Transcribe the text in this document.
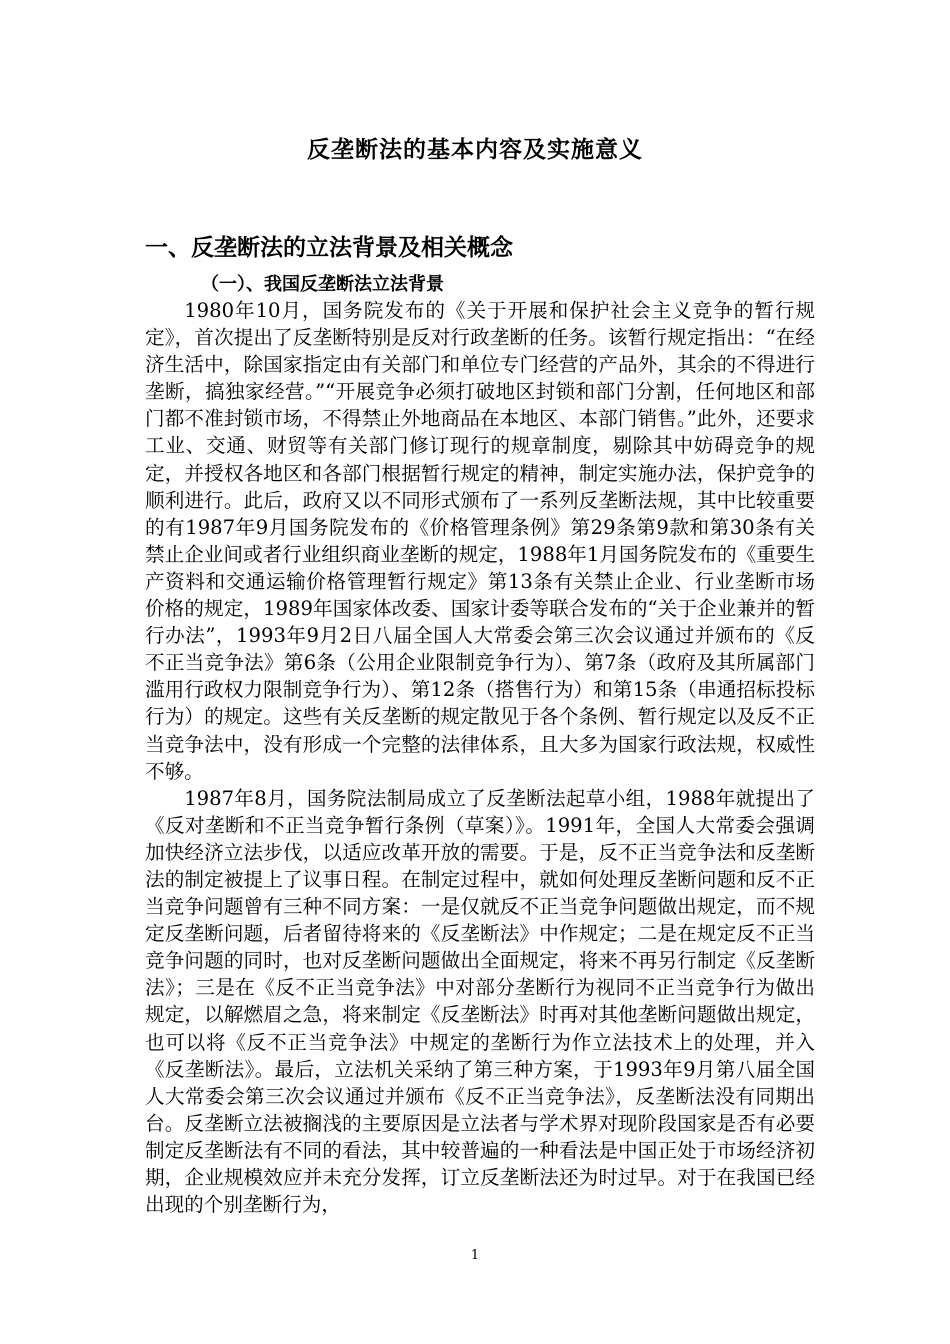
反垄断法的基本内容及实施意义
一、反垄断法的立法背景及相关概念
（一）、我国反垄断法立法背景

1980年10月，国务院发布的《关于开展和保护社会主义竞争的暂行规定》，首次提出了反垄断特别是反对行政垄断的任务。该暂行规定指出：“在经济生活中，除国家指定由有关部门和单位专门经营的产品外，其余的不得进行垄断，搞独家经营。”“开展竞争必须打破地区封锁和部门分割，任何地区和部门都不准封锁市场，不得禁止外地商品在本地区、本部门销售。”此外，还要求工业、交通、财贸等有关部门修订现行的规章制度，剔除其中妨碍竞争的规定，并授权各地区和各部门根据暂行规定的精神，制定实施办法，保护竞争的顺利进行。此后，政府又以不同形式颁布了一系列反垄断法规，其中比较重要的有1987年9月国务院发布的《价格管理条例》第29条第9款和第30条有关禁止企业间或者行业组织商业垄断的规定，1988年1月国务院发布的《重要生产资料和交通运输价格管理暂行规定》第13条有关禁止企业、行业垄断市场价格的规定，1989年国家体改委、国家计委等联合发布的“关于企业兼并的暂行办法”，1993年9月2日八届全国人大常委会第三次会议通过并颁布的《反不正当竞争法》第6条（公用企业限制竞争行为）、第7条（政府及其所属部门滥用行政权力限制竞争行为）、第12条（搭售行为）和第15条（串通招标投标行为）的规定。这些有关反垄断的规定散见于各个条例、暂行规定以及反不正当竞争法中，没有形成一个完整的法律体系，且大多为国家行政法规，权威性不够。

1987年8月，国务院法制局成立了反垄断法起草小组，1988年就提出了《反对垄断和不正当竞争暂行条例（草案）》。1991年，全国人大常委会强调加快经济立法步伐，以适应改革开放的需要。于是，反不正当竞争法和反垄断法的制定被提上了议事日程。在制定过程中，就如何处理反垄断问题和反不正当竞争问题曾有三种不同方案：一是仅就反不正当竞争问题做出规定，而不规定反垄断问题，后者留待将来的《反垄断法》中作规定；二是在规定反不正当竞争问题的同时，也对反垄断问题做出全面规定，将来不再另行制定《反垄断法》；三是在《反不正当竞争法》中对部分垄断行为视同不正当竞争行为做出规定，以解燃眉之急，将来制定《反垄断法》时再对其他垄断问题做出规定，也可以将《反不正当竞争法》中规定的垄断行为作立法技术上的处理，并入《反垄断法》。最后，立法机关采纳了第三种方案，于1993年9月第八届全国人大常委会第三次会议通过并颁布《反不正当竞争法》，反垄断法没有同期出台。反垄断立法被搁浅的主要原因是立法者与学术界对现阶段国家是否有必要制定反垄断法有不同的看法，其中较普遍的一种看法是中国正处于市场经济初期，企业规模效应并未充分发挥，订立反垄断法还为时过早。对于在我国已经出现的个别垄断行为，

1
